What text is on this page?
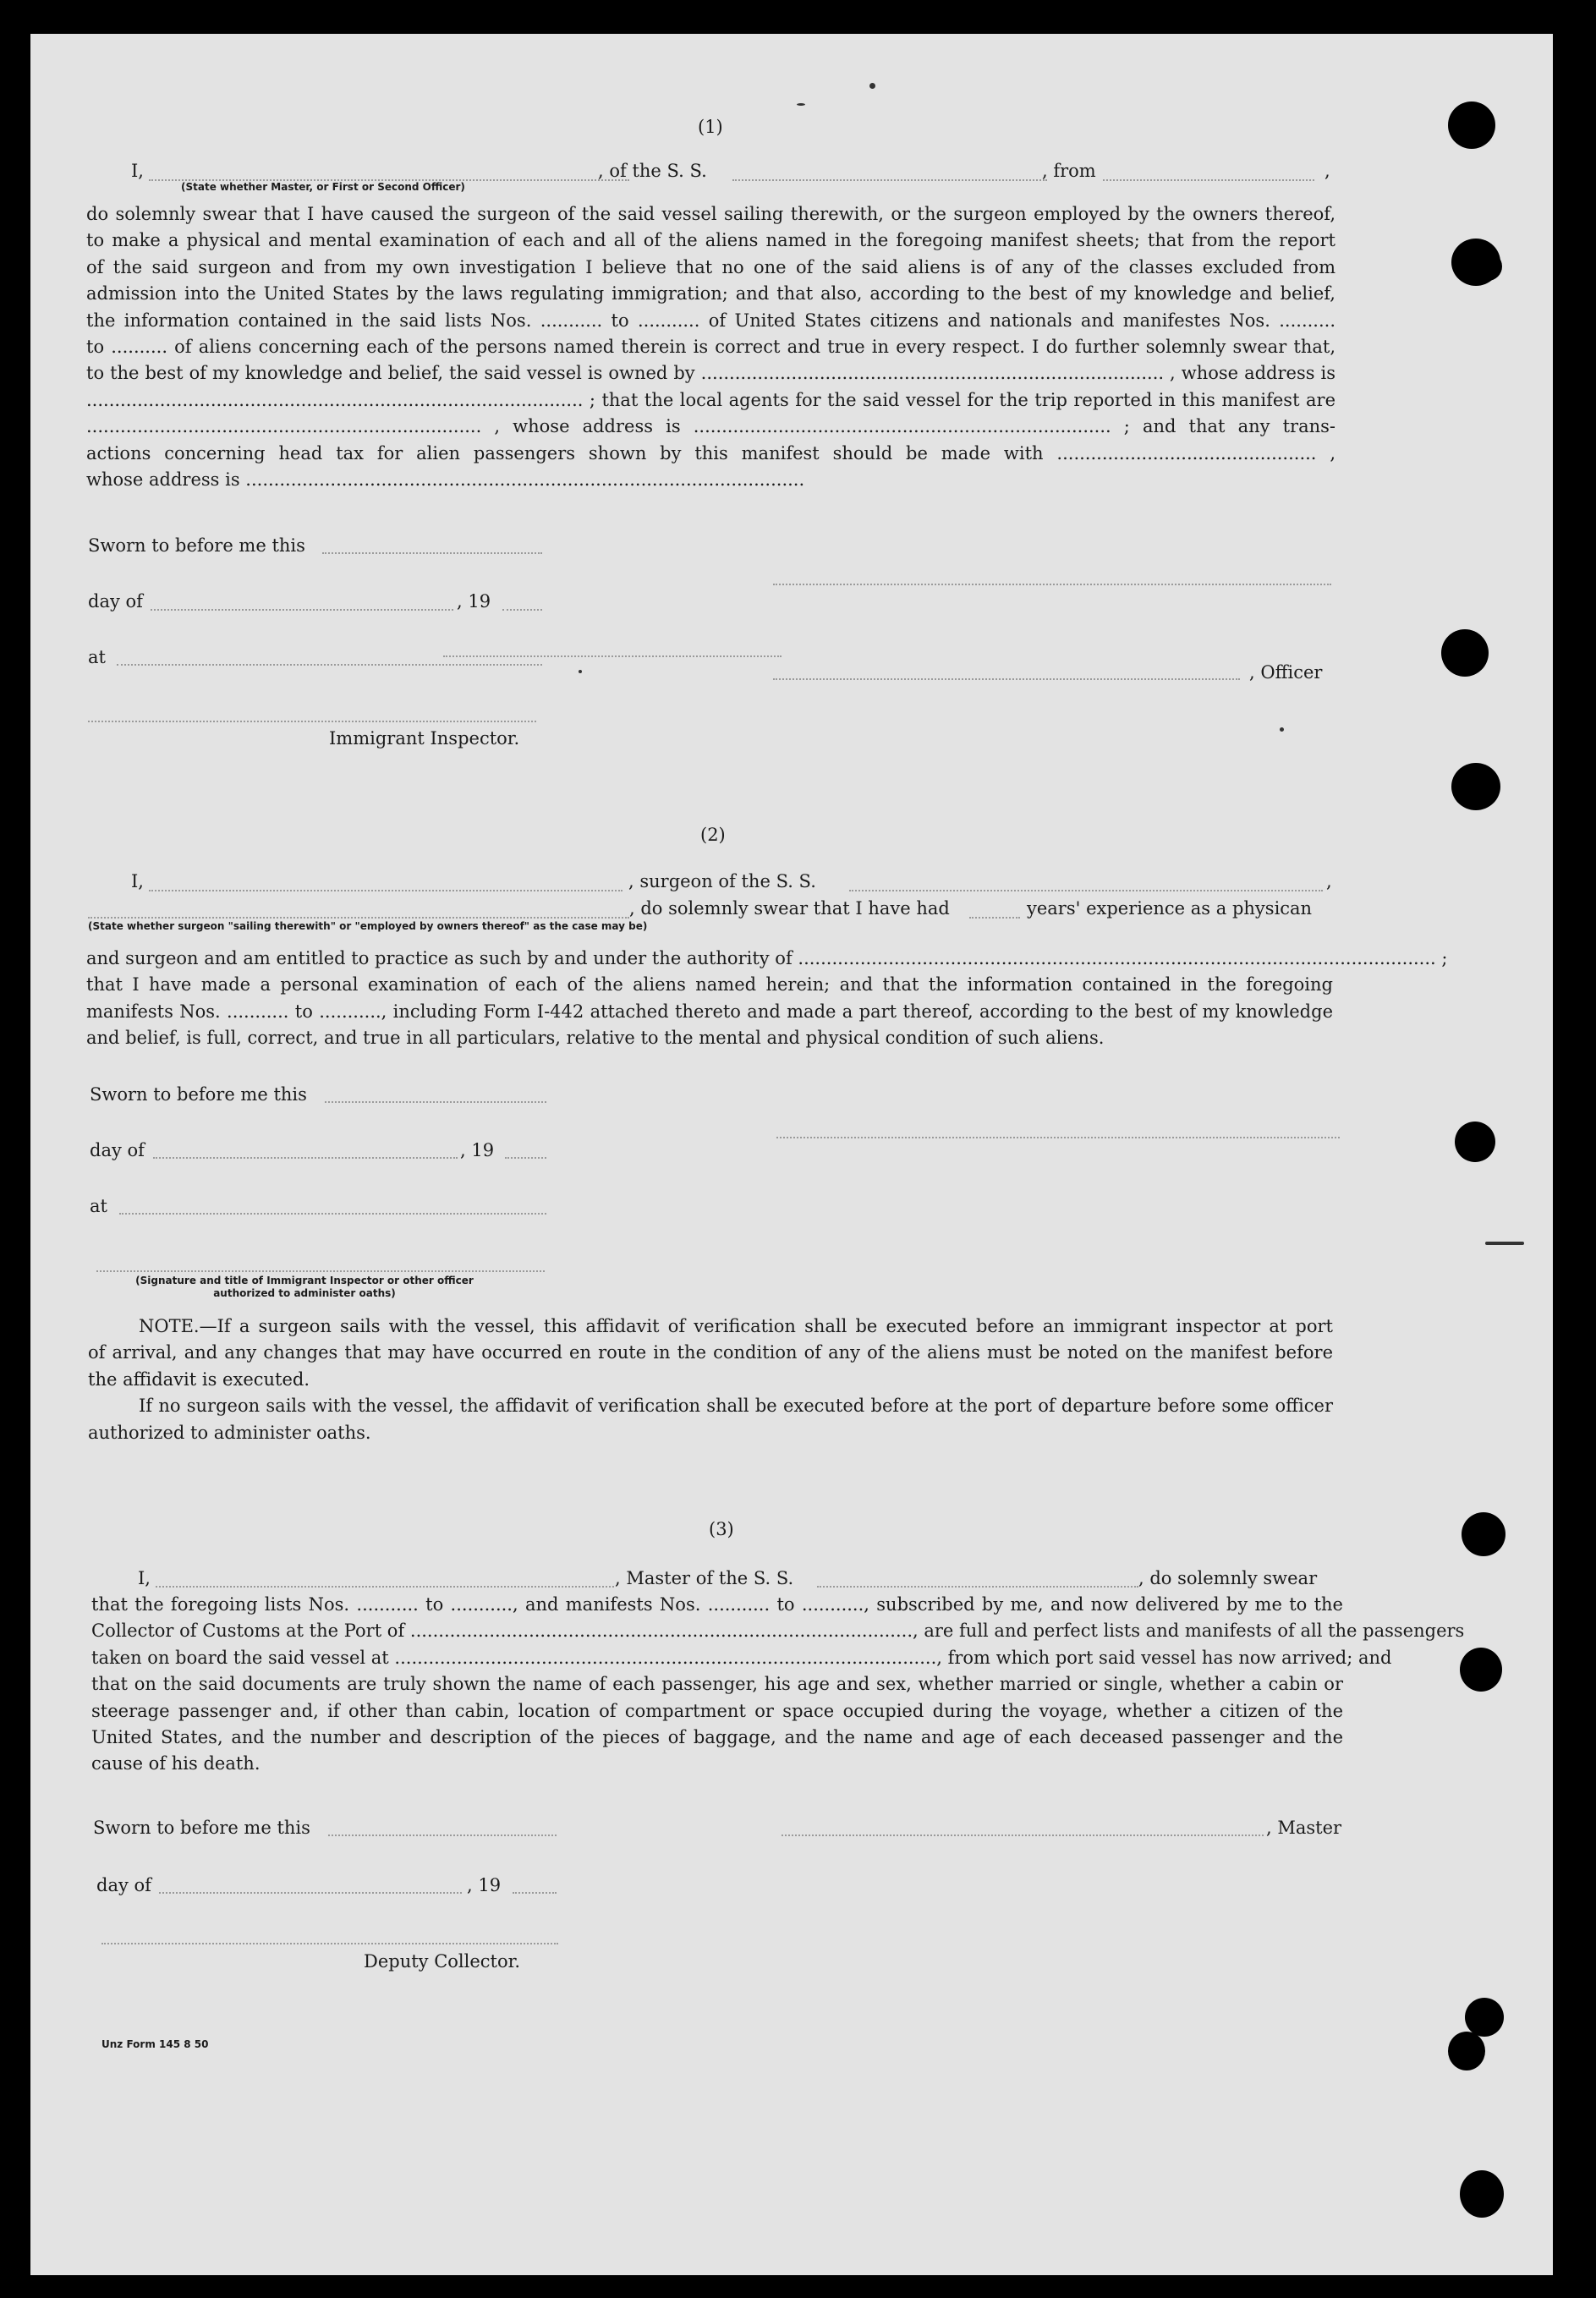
(1)
I,	, of the S. S.	, from	,
(State whether Master, or First or Second Officer)
do solemnly swear that I have caused the surgeon of the said vessel sailing therewith, or the surgeon employed by the owners thereof,
to make a physical and mental examination of each and all of the aliens named in the foregoing manifest sheets; that from the report
of the said surgeon and from my own investigation I believe that no one of the said aliens is of any of the classes excluded from
admission into the United States by the laws regulating immigration; and that also, according to the best of my knowledge and belief,
the information contained in the said lists Nos. ........... to ........... of United States citizens and nationals and manifestes Nos. ..........
to .......... of aliens concerning each of the persons named therein is correct and true in every respect. I do further solemnly swear that,
to the best of my knowledge and belief, the said vessel is owned by .................................................................................. , whose address is
........................................................................................ ; that the local agents for the said vessel for the trip reported in this manifest are
...................................................................... , whose address is .......................................................................... ; and that any trans-
actions concerning head tax for alien passengers shown by this manifest should be made with .............................................. ,
whose address is ...................................................................................................
Sworn to before me this
day of	, 19
at
, Officer
Immigrant Inspector.
(2)
I,	, surgeon of the S. S.	,
, do solemnly swear that I have had	years' experience as a physican
(State whether surgeon "sailing therewith" or "employed by owners thereof" as the case may be)
and surgeon and am entitled to practice as such by and under the authority of ................................................................................................................. ;
that I have made a personal examination of each of the aliens named herein; and that the information contained in the foregoing
manifests Nos. ........... to ..........., including Form I-442 attached thereto and made a part thereof, according to the best of my knowledge
and belief, is full, correct, and true in all particulars, relative to the mental and physical condition of such aliens.
Sworn to before me this
day of	, 19
at
(Signature and title of Immigrant Inspector or other officer authorized to administer oaths)
NOTE.—If a surgeon sails with the vessel, this affidavit of verification shall be executed before an immigrant inspector at port
of arrival, and any changes that may have occurred en route in the condition of any of the aliens must be noted on the manifest before
the affidavit is executed.
If no surgeon sails with the vessel, the affidavit of verification shall be executed before at the port of departure before some officer
authorized to administer oaths.
(3)
I,	, Master of the S. S.	, do solemnly swear
that the foregoing lists Nos. ........... to ..........., and manifests Nos. ........... to ..........., subscribed by me, and now delivered by me to the
Collector of Customs at the Port of ........................................................................................., are full and perfect lists and manifests of all the passengers
taken on board the said vessel at ................................................................................................, from which port said vessel has now arrived; and
that on the said documents are truly shown the name of each passenger, his age and sex, whether married or single, whether a cabin or
steerage passenger and, if other than cabin, location of compartment or space occupied during the voyage, whether a citizen of the
United States, and the number and description of the pieces of baggage, and the name and age of each deceased passenger and the
cause of his death.
Sworn to before me this	, Master
day of	, 19
Deputy Collector.
Unz Form 145 8 50
